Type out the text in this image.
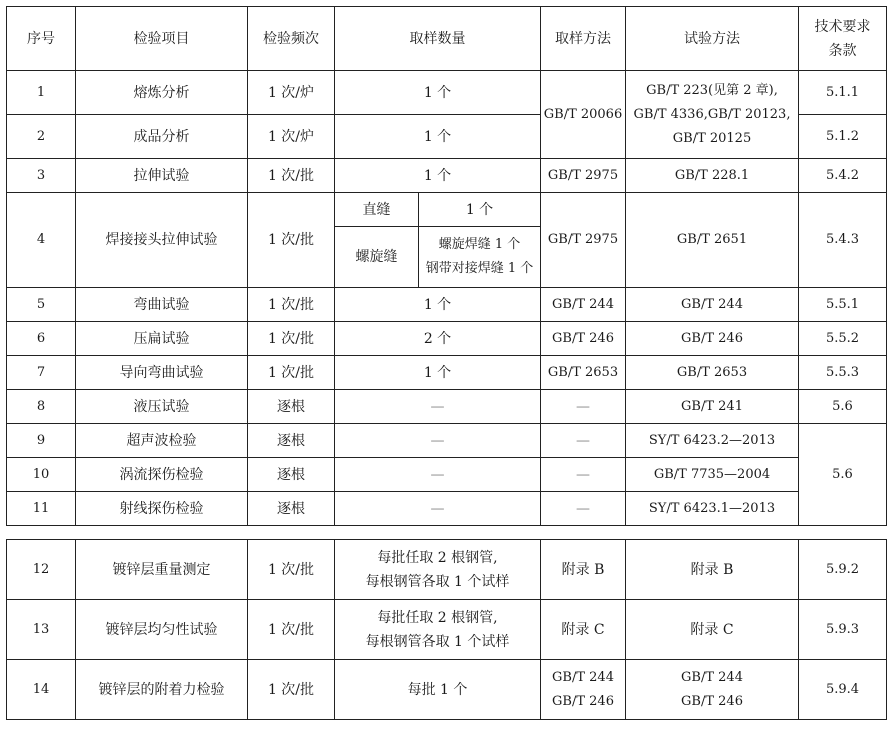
序号	检验项目	检验频次	取样数量		取样方法	试验方法	技术要求
条款
1	熔炼分析	1 次/炉	1 个		GB/T 20066	GB/T 223(见第 2 章),
GB/T 4336,GB/T 20123,
GB/T 20125	5.1.1
2	成品分析	1 次/炉	1 个				5.1.2
3	拉伸试验	1 次/批	1 个		GB/T 2975	GB/T 228.1	5.4.2
4	焊接接头拉伸试验	1 次/批	直缝	1 个	GB/T 2975	GB/T 2651	5.4.3
			螺旋缝	螺旋焊缝 1 个
钢带对接焊缝 1 个			
5	弯曲试验	1 次/批	1 个		GB/T 244	GB/T 244	5.5.1
6	压扁试验	1 次/批	2 个		GB/T 246	GB/T 246	5.5.2
7	导向弯曲试验	1 次/批	1 个		GB/T 2653	GB/T 2653	5.5.3
8	液压试验	逐根	—		—	GB/T 241	5.6
9	超声波检验	逐根	—		—	SY/T 6423.2—2013	5.6
10	涡流探伤检验	逐根	—		—	GB/T 7735—2004	
11	射线探伤检验	逐根	—		—	SY/T 6423.1—2013	
12	镀锌层重量测定	1 次/批	每批任取 2 根钢管,
每根钢管各取 1 个试样	附录 B	附录 B	5.9.2
13	镀锌层均匀性试验	1 次/批	每批任取 2 根钢管,
每根钢管各取 1 个试样	附录 C	附录 C	5.9.3
14	镀锌层的附着力检验	1 次/批	每批 1 个	GB/T 244
GB/T 246	GB/T 244
GB/T 246	5.9.4
